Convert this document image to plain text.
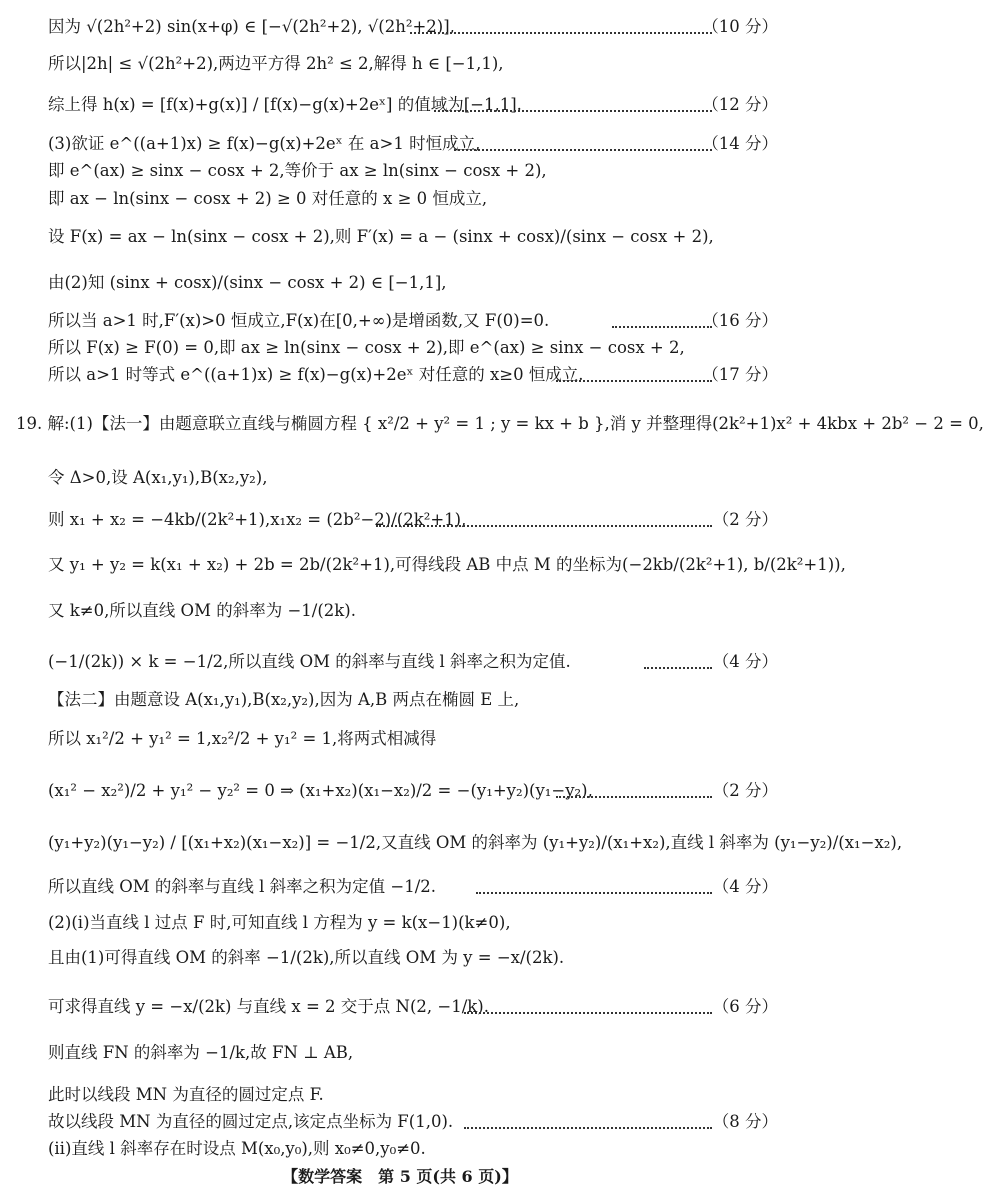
因为 √(2h²+2) sin(x+φ) ∈ [−√(2h²+2), √(2h²+2)],	（10 分）
所以|2h| ≤ √(2h²+2),两边平方得 2h² ≤ 2,解得 h ∈ [−1,1),
综上得 h(x) = [f(x)+g(x)] / [f(x)−g(x)+2eˣ] 的值域为[−1,1].	（12 分）
(3)欲证 e^((a+1)x) ≥ f(x)−g(x)+2eˣ 在 a>1 时恒成立,	（14 分）
即 e^(ax) ≥ sinx − cosx + 2,等价于 ax ≥ ln(sinx − cosx + 2),
即 ax − ln(sinx − cosx + 2) ≥ 0 对任意的 x ≥ 0 恒成立,
设 F(x) = ax − ln(sinx − cosx + 2),则 F′(x) = a − (sinx + cosx)/(sinx − cosx + 2),
由(2)知 (sinx + cosx)/(sinx − cosx + 2) ∈ [−1,1],
所以当 a>1 时,F′(x)>0 恒成立,F(x)在[0,+∞)是增函数,又 F(0)=0.	（16 分）
所以 F(x) ≥ F(0) = 0,即 ax ≥ ln(sinx − cosx + 2),即 e^(ax) ≥ sinx − cosx + 2,
所以 a>1 时等式 e^((a+1)x) ≥ f(x)−g(x)+2eˣ 对任意的 x≥0 恒成立.	（17 分）
19. 解:(1)【法一】由题意联立直线与椭圆方程 { x²/2 + y² = 1 ; y = kx + b },消 y 并整理得(2k²+1)x² + 4kbx + 2b² − 2 = 0,
令 Δ>0,设 A(x₁,y₁),B(x₂,y₂),
则 x₁ + x₂ = −4kb/(2k²+1),x₁x₂ = (2b²−2)/(2k²+1),	（2 分）
又 y₁ + y₂ = k(x₁ + x₂) + 2b = 2b/(2k²+1),可得线段 AB 中点 M 的坐标为(−2kb/(2k²+1), b/(2k²+1)),
又 k≠0,所以直线 OM 的斜率为 −1/(2k).
(−1/(2k)) × k = −1/2,所以直线 OM 的斜率与直线 l 斜率之积为定值.	（4 分）
【法二】由题意设 A(x₁,y₁),B(x₂,y₂),因为 A,B 两点在椭圆 E 上,
所以 x₁²/2 + y₁² = 1,x₂²/2 + y₁² = 1,将两式相减得
(x₁² − x₂²)/2 + y₁² − y₂² = 0 ⇒ (x₁+x₂)(x₁−x₂)/2 = −(y₁+y₂)(y₁−y₂),	（2 分）
(y₁+y₂)(y₁−y₂) / [(x₁+x₂)(x₁−x₂)] = −1/2,又直线 OM 的斜率为 (y₁+y₂)/(x₁+x₂),直线 l 斜率为 (y₁−y₂)/(x₁−x₂),
所以直线 OM 的斜率与直线 l 斜率之积为定值 −1/2.	（4 分）
(2)(ⅰ)当直线 l 过点 F 时,可知直线 l 方程为 y = k(x−1)(k≠0),
且由(1)可得直线 OM 的斜率 −1/(2k),所以直线 OM 为 y = −x/(2k).
可求得直线 y = −x/(2k) 与直线 x = 2 交于点 N(2, −1/k).	（6 分）
则直线 FN 的斜率为 −1/k,故 FN ⊥ AB,
此时以线段 MN 为直径的圆过定点 F.
故以线段 MN 为直径的圆过定点,该定点坐标为 F(1,0).	（8 分）
(ⅱ)直线 l 斜率存在时设点 M(x₀,y₀),则 x₀≠0,y₀≠0.
【数学答案　第 5 页(共 6 页)】
